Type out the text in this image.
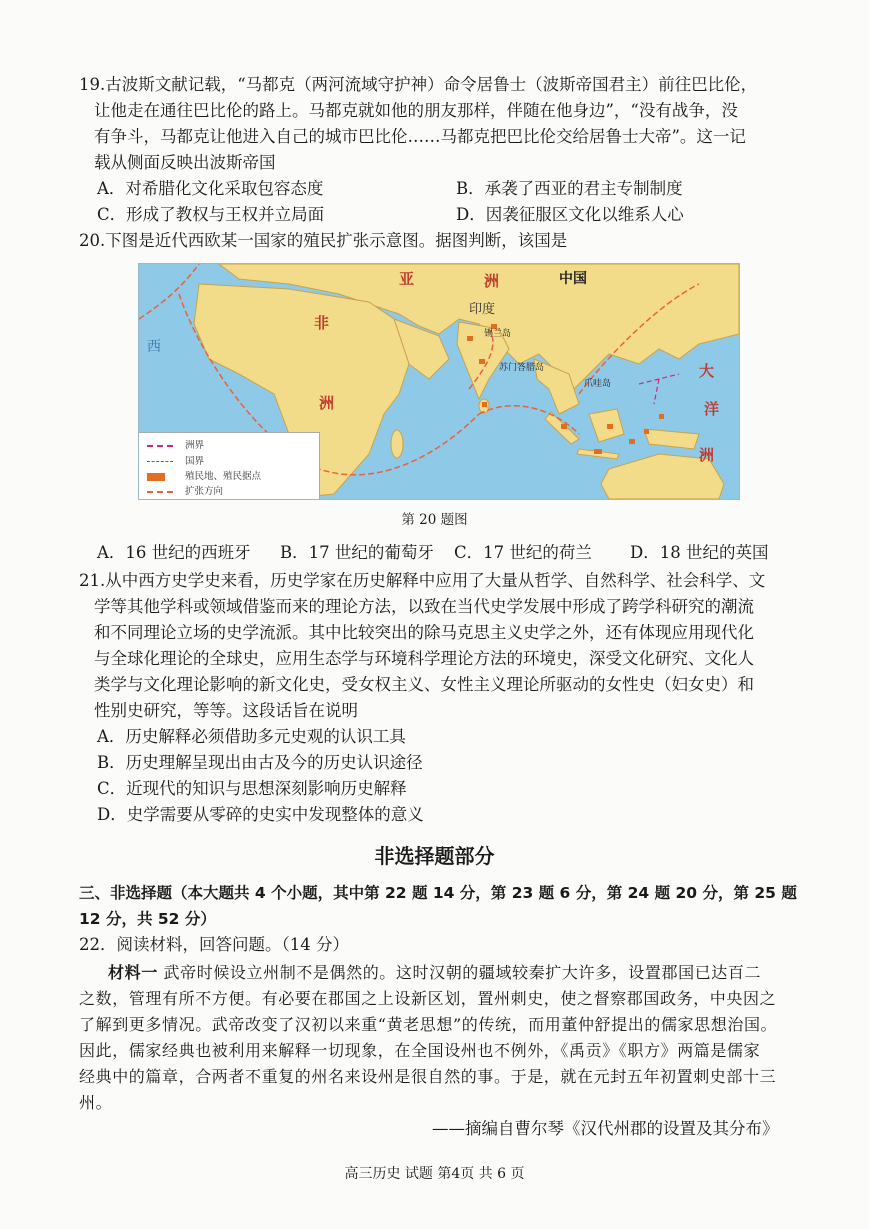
19.古波斯文献记载，“马都克（两河流域守护神）命令居鲁士（波斯帝国君主）前往巴比伦，
让他走在通往巴比伦的路上。马都克就如他的朋友那样，伴随在他身边”，“没有战争，没
有争斗，马都克让他进入自己的城市巴比伦……马都克把巴比伦交给居鲁士大帝”。这一记
载从侧面反映出波斯帝国
A．对希腊化文化采取包容态度	B．承袭了西亚的君主专制制度
C．形成了教权与王权并立局面	D．因袭征服区文化以维系人心
20.下图是近代西欧某一国家的殖民扩张示意图。据图判断，该国是
亚	洲	中国
印度
锡兰岛
苏门答腊岛
爪哇岛
非
洲
大
洋
洲
西
洲界
国界
殖民地、殖民据点
扩张方向
第 20 题图
A．16 世纪的西班牙 B．17 世纪的葡萄牙 C．17 世纪的荷兰 D．18 世纪的英国
21.从中西方史学史来看，历史学家在历史解释中应用了大量从哲学、自然科学、社会科学、文
学等其他学科或领域借鉴而来的理论方法，以致在当代史学发展中形成了跨学科研究的潮流
和不同理论立场的史学流派。其中比较突出的除马克思主义史学之外，还有体现应用现代化
与全球化理论的全球史，应用生态学与环境科学理论方法的环境史，深受文化研究、文化人
类学与文化理论影响的新文化史，受女权主义、女性主义理论所驱动的女性史（妇女史）和
性别史研究，等等。这段话旨在说明
A．历史解释必须借助多元史观的认识工具
B．历史理解呈现出由古及今的历史认识途径
C．近现代的知识与思想深刻影响历史解释
D．史学需要从零碎的史实中发现整体的意义
非选择题部分
三、非选择题（本大题共 4 个小题，其中第 22 题 14 分，第 23 题 6 分，第 24 题 20 分，第 25 题
12 分，共 52 分）
22．阅读材料，回答问题。（14 分）
材料一 武帝时候设立州制不是偶然的。这时汉朝的疆域较秦扩大许多，设置郡国已达百二
之数，管理有所不方便。有必要在郡国之上设新区划，置州刺史，使之督察郡国政务，中央因之
了解到更多情况。武帝改变了汉初以来重“黄老思想”的传统，而用董仲舒提出的儒家思想治国。
因此，儒家经典也被利用来解释一切现象，在全国设州也不例外，《禹贡》《职方》两篇是儒家
经典中的篇章，合两者不重复的州名来设州是很自然的事。于是，就在元封五年初置刺史部十三
州。
——摘编自曹尔琴《汉代州郡的设置及其分布》
高三历史 试题 第4页 共 6 页
